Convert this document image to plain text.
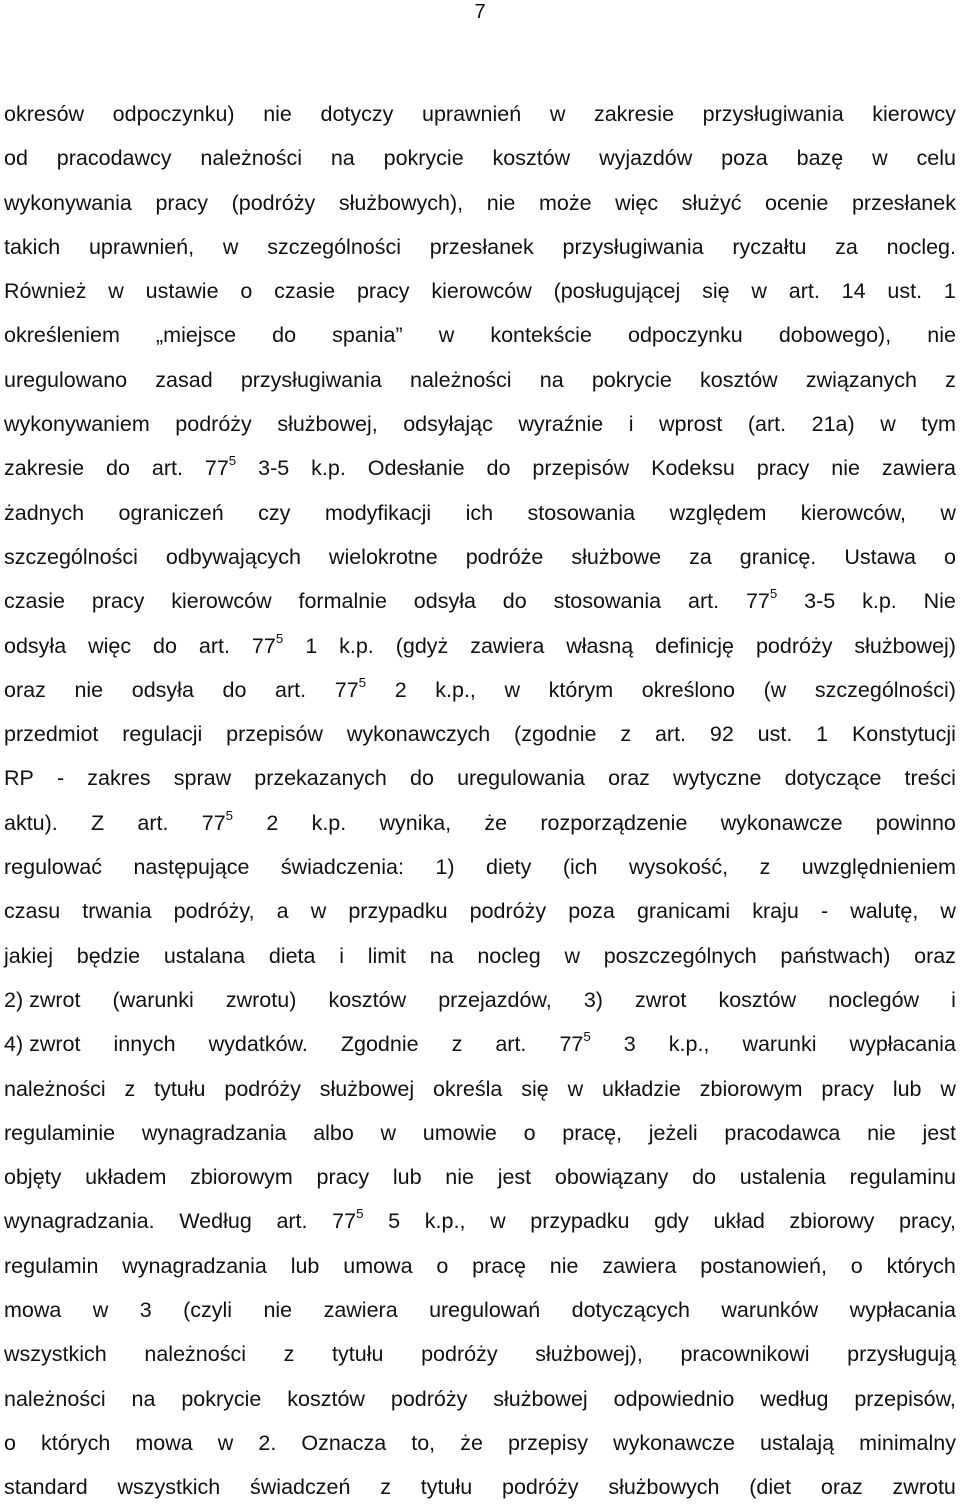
7
okresów odpoczynku) nie dotyczy uprawnień w zakresie przysługiwania kierowcy
od pracodawcy należności na pokrycie kosztów wyjazdów poza bazę w celu
wykonywania pracy (podróży służbowych), nie może więc służyć ocenie przesłanek
takich uprawnień, w szczególności przesłanek przysługiwania ryczałtu za nocleg.
Również w ustawie o czasie pracy kierowców (posługującej się w art. 14 ust. 1
określeniem „miejsce do spania” w kontekście odpoczynku dobowego), nie
uregulowano zasad przysługiwania należności na pokrycie kosztów związanych z
wykonywaniem podróży służbowej, odsyłając wyraźnie i wprost (art. 21a) w tym
zakresie do art. $77^5$ 3-5 k.p. Odesłanie do przepisów Kodeksu pracy nie zawiera
żadnych ograniczeń czy modyfikacji ich stosowania względem kierowców, w
szczególności odbywających wielokrotne podróże służbowe za granicę. Ustawa o
czasie pracy kierowców formalnie odsyła do stosowania art. $77^5$ 3-5 k.p. Nie
odsyła więc do art. $77^5$ 1 k.p. (gdyż zawiera własną definicję podróży służbowej)
oraz nie odsyła do art. $77^5$ 2 k.p., w którym określono (w szczególności)
przedmiot regulacji przepisów wykonawczych (zgodnie z art. 92 ust. 1 Konstytucji
RP - zakres spraw przekazanych do uregulowania oraz wytyczne dotyczące treści
aktu). Z art. $77^5$ 2 k.p. wynika, że rozporządzenie wykonawcze powinno
regulować następujące świadczenia: 1) diety (ich wysokość, z uwzględnieniem
czasu trwania podróży, a w przypadku podróży poza granicami kraju - walutę, w
jakiej będzie ustalana dieta i limit na nocleg w poszczególnych państwach) oraz
2) zwrot (warunki zwrotu) kosztów przejazdów, 3) zwrot kosztów noclegów i
4) zwrot innych wydatków. Zgodnie z art. $77^5$ 3 k.p., warunki wypłacania
należności z tytułu podróży służbowej określa się w układzie zbiorowym pracy lub w
regulaminie wynagradzania albo w umowie o pracę, jeżeli pracodawca nie jest
objęty układem zbiorowym pracy lub nie jest obowiązany do ustalenia regulaminu
wynagradzania. Według art. $77^5$ 5 k.p., w przypadku gdy układ zbiorowy pracy,
regulamin wynagradzania lub umowa o pracę nie zawiera postanowień, o których
mowa w 3 (czyli nie zawiera uregulowań dotyczących warunków wypłacania
wszystkich należności z tytułu podróży służbowej), pracownikowi przysługują
należności na pokrycie kosztów podróży służbowej odpowiednio według przepisów,
o których mowa w 2. Oznacza to, że przepisy wykonawcze ustalają minimalny
standard wszystkich świadczeń z tytułu podróży służbowych (diet oraz zwrotu
